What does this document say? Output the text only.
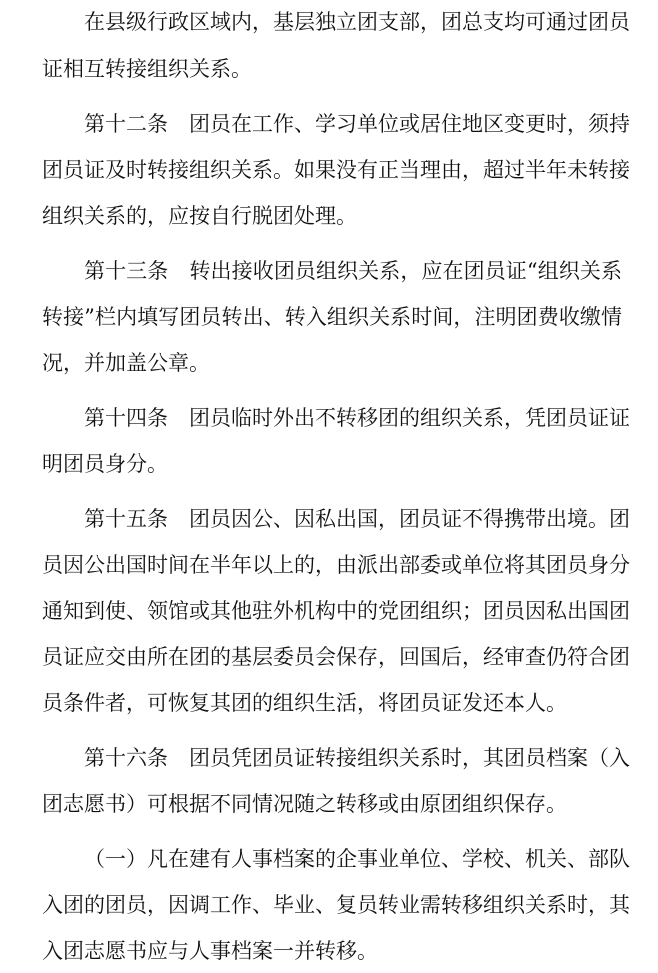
在县级行政区域内，基层独立团支部，团总支均可通过团员
证相互转接组织关系。
第十二条　团员在工作、学习单位或居住地区变更时，须持
团员证及时转接组织关系。如果没有正当理由，超过半年未转接
组织关系的，应按自行脱团处理。
第十三条　转出接收团员组织关系，应在团员证“组织关系
转接”栏内填写团员转出、转入组织关系时间，注明团费收缴情
况，并加盖公章。
第十四条　团员临时外出不转移团的组织关系，凭团员证证
明团员身分。
第十五条　团员因公、因私出国，团员证不得携带出境。团
员因公出国时间在半年以上的，由派出部委或单位将其团员身分
通知到使、领馆或其他驻外机构中的党团组织；团员因私出国团
员证应交由所在团的基层委员会保存，回国后，经审查仍符合团
员条件者，可恢复其团的组织生活，将团员证发还本人。
第十六条　团员凭团员证转接组织关系时，其团员档案（入
团志愿书）可根据不同情况随之转移或由原团组织保存。
（一）凡在建有人事档案的企事业单位、学校、机关、部队
入团的团员，因调工作、毕业、复员转业需转移组织关系时，其
入团志愿书应与人事档案一并转移。
